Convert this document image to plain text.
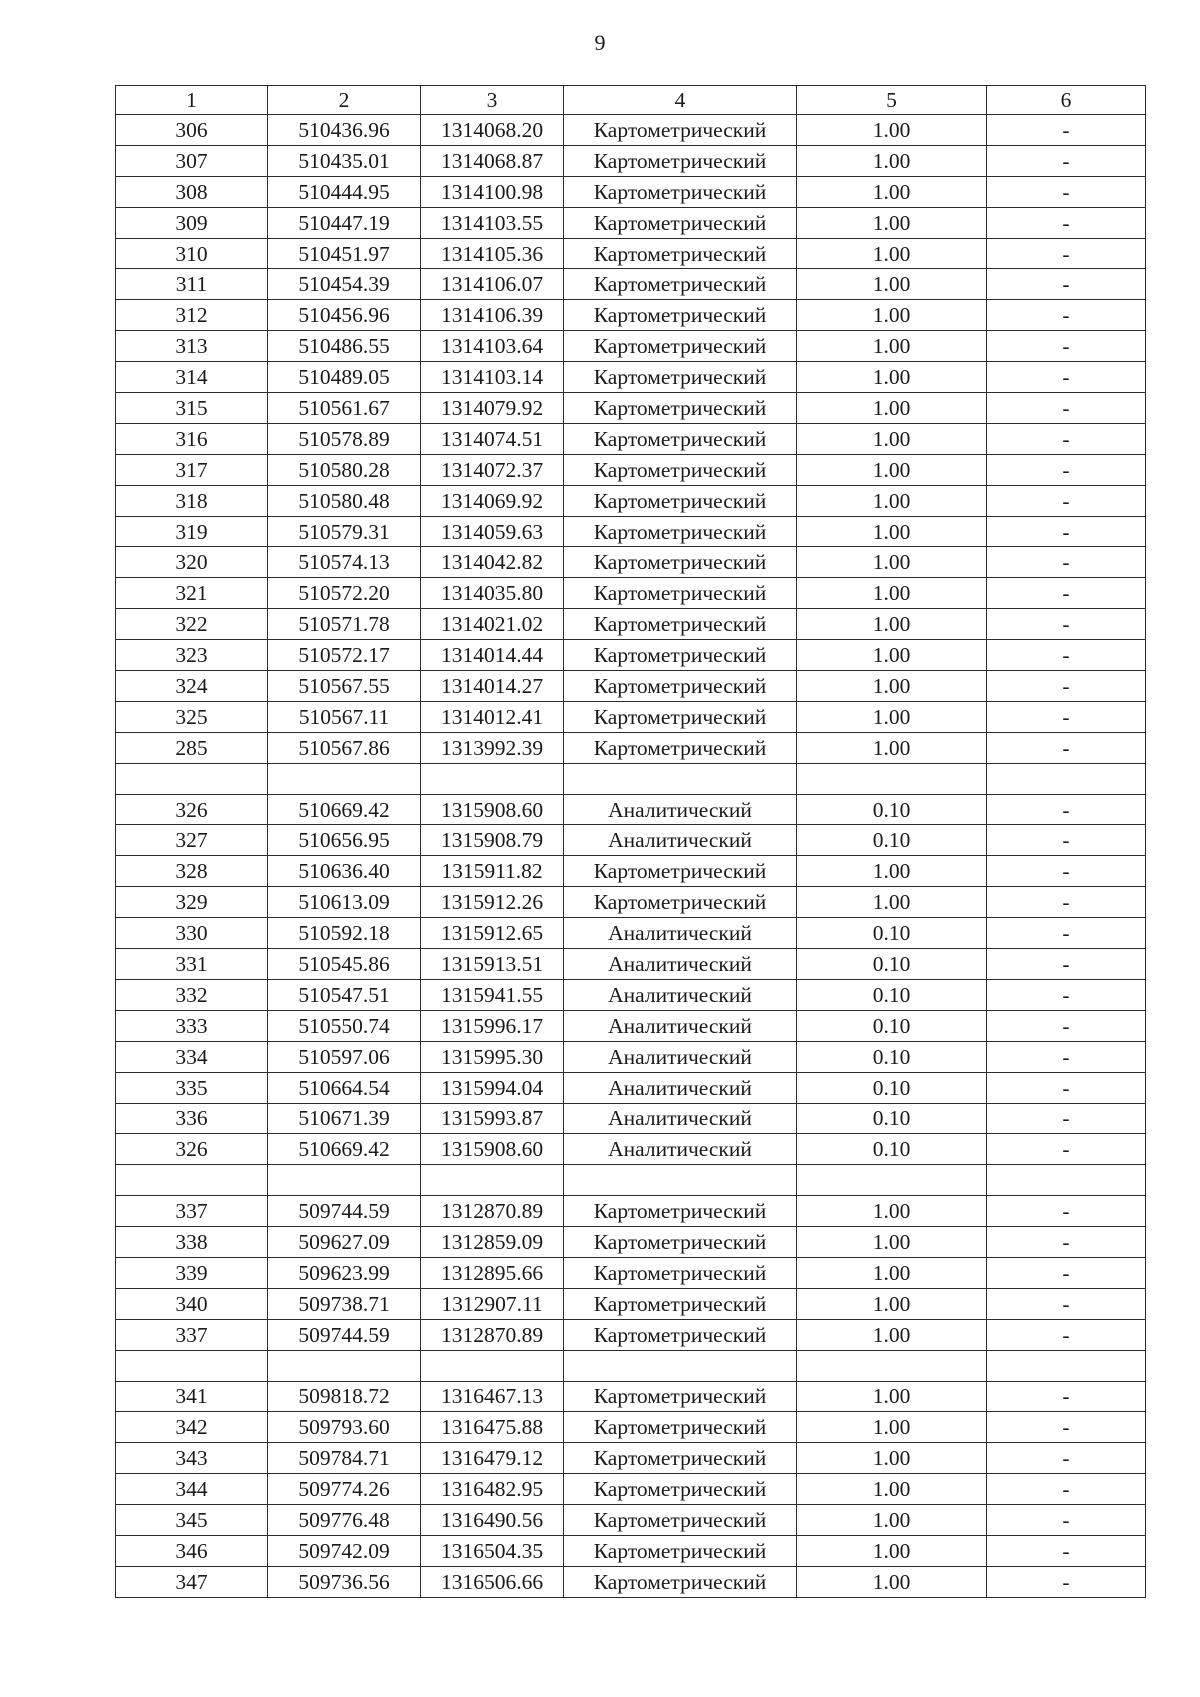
9
1	2	3	4	5	6
306	510436.96	1314068.20	Картометрический	1.00	-
307	510435.01	1314068.87	Картометрический	1.00	-
308	510444.95	1314100.98	Картометрический	1.00	-
309	510447.19	1314103.55	Картометрический	1.00	-
310	510451.97	1314105.36	Картометрический	1.00	-
311	510454.39	1314106.07	Картометрический	1.00	-
312	510456.96	1314106.39	Картометрический	1.00	-
313	510486.55	1314103.64	Картометрический	1.00	-
314	510489.05	1314103.14	Картометрический	1.00	-
315	510561.67	1314079.92	Картометрический	1.00	-
316	510578.89	1314074.51	Картометрический	1.00	-
317	510580.28	1314072.37	Картометрический	1.00	-
318	510580.48	1314069.92	Картометрический	1.00	-
319	510579.31	1314059.63	Картометрический	1.00	-
320	510574.13	1314042.82	Картометрический	1.00	-
321	510572.20	1314035.80	Картометрический	1.00	-
322	510571.78	1314021.02	Картометрический	1.00	-
323	510572.17	1314014.44	Картометрический	1.00	-
324	510567.55	1314014.27	Картометрический	1.00	-
325	510567.11	1314012.41	Картометрический	1.00	-
285	510567.86	1313992.39	Картометрический	1.00	-

326	510669.42	1315908.60	Аналитический	0.10	-
327	510656.95	1315908.79	Аналитический	0.10	-
328	510636.40	1315911.82	Картометрический	1.00	-
329	510613.09	1315912.26	Картометрический	1.00	-
330	510592.18	1315912.65	Аналитический	0.10	-
331	510545.86	1315913.51	Аналитический	0.10	-
332	510547.51	1315941.55	Аналитический	0.10	-
333	510550.74	1315996.17	Аналитический	0.10	-
334	510597.06	1315995.30	Аналитический	0.10	-
335	510664.54	1315994.04	Аналитический	0.10	-
336	510671.39	1315993.87	Аналитический	0.10	-
326	510669.42	1315908.60	Аналитический	0.10	-

337	509744.59	1312870.89	Картометрический	1.00	-
338	509627.09	1312859.09	Картометрический	1.00	-
339	509623.99	1312895.66	Картометрический	1.00	-
340	509738.71	1312907.11	Картометрический	1.00	-
337	509744.59	1312870.89	Картометрический	1.00	-

341	509818.72	1316467.13	Картометрический	1.00	-
342	509793.60	1316475.88	Картометрический	1.00	-
343	509784.71	1316479.12	Картометрический	1.00	-
344	509774.26	1316482.95	Картометрический	1.00	-
345	509776.48	1316490.56	Картометрический	1.00	-
346	509742.09	1316504.35	Картометрический	1.00	-
347	509736.56	1316506.66	Картометрический	1.00	-
